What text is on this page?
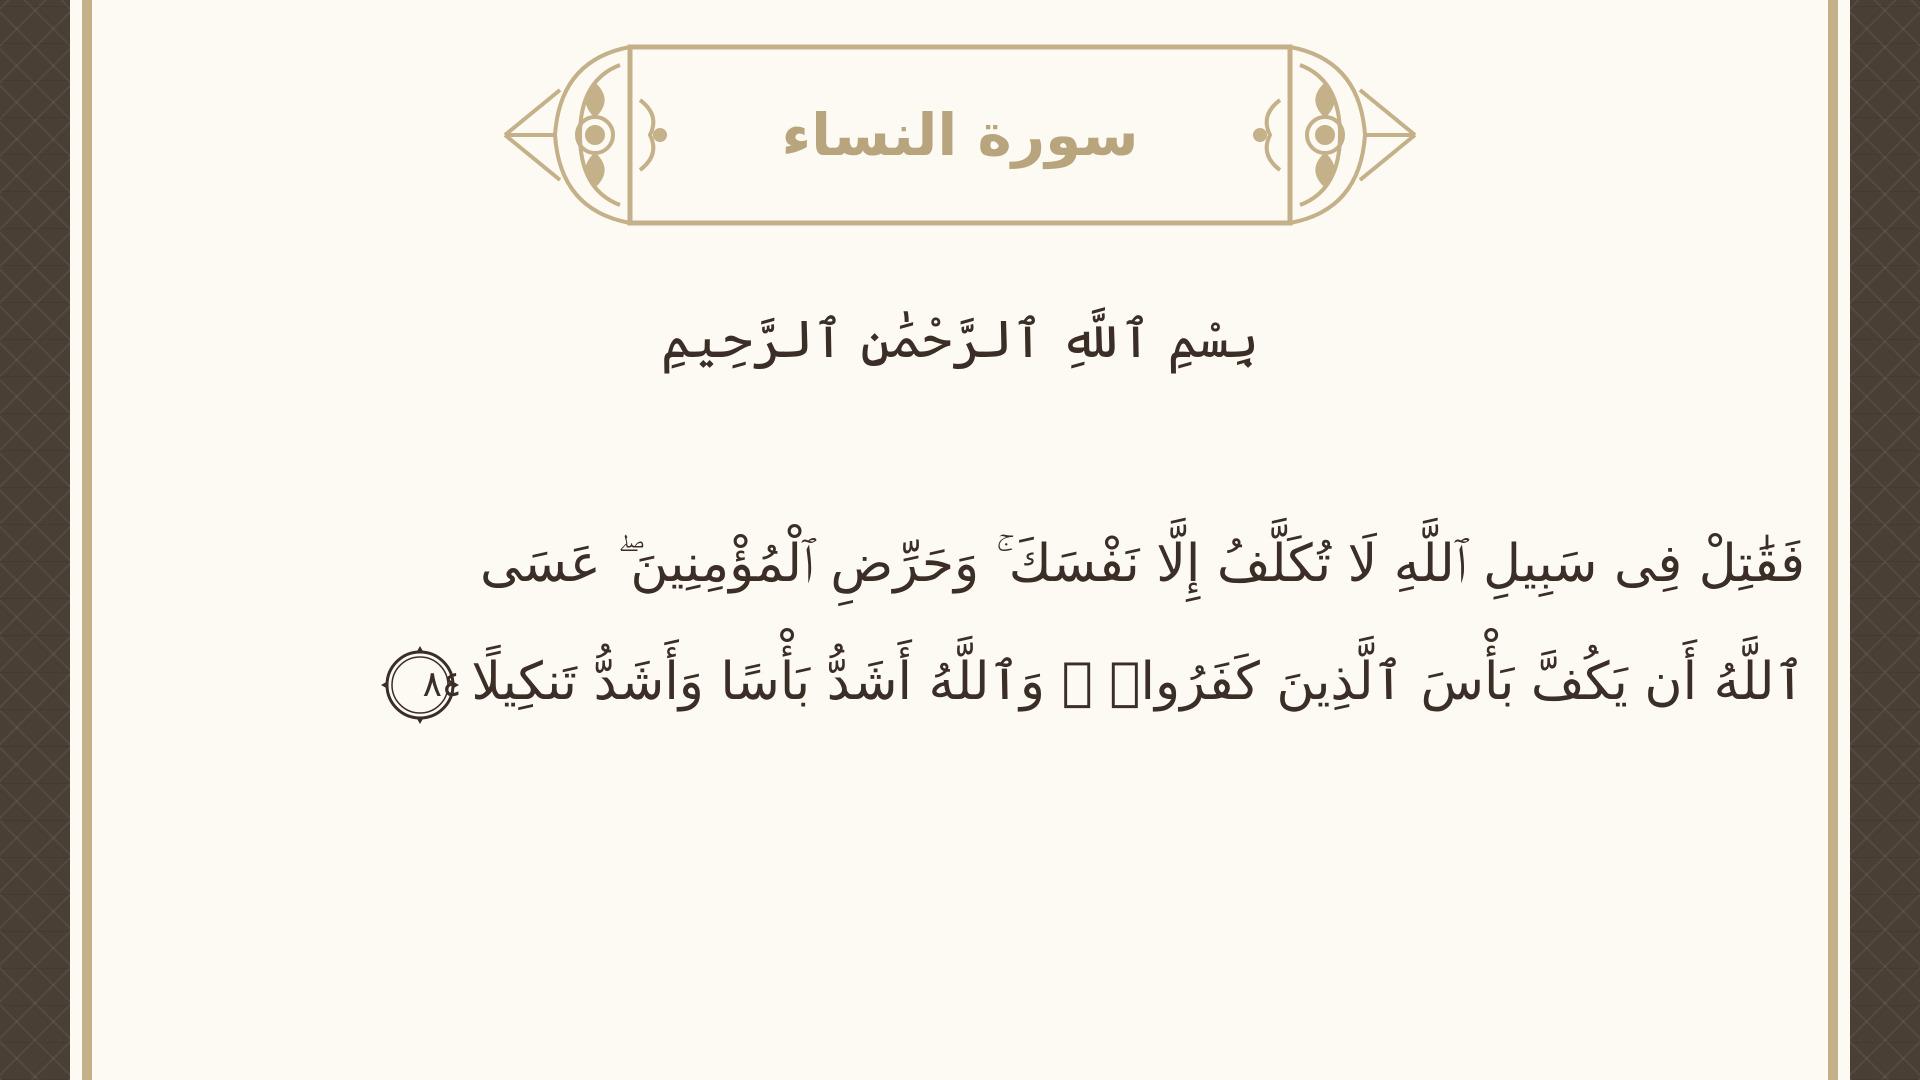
سورة النساء
بِسْمِ ٱللَّهِ ٱلرَّحْمَٰنِ ٱلرَّحِيمِ
فَقَٰتِلْ فِى سَبِيلِ ٱللَّهِ لَا تُكَلَّفُ إِلَّا نَفْسَكَ ۚ وَحَرِّضِ ٱلْمُؤْمِنِينَ ۖ عَسَى
ٱللَّهُ أَن يَكُفَّ بَأْسَ ٱلَّذِينَ كَفَرُوا۟ ۚ وَٱللَّهُ أَشَدُّ بَأْسًا وَأَشَدُّ تَنكِيلًا
٨٤
